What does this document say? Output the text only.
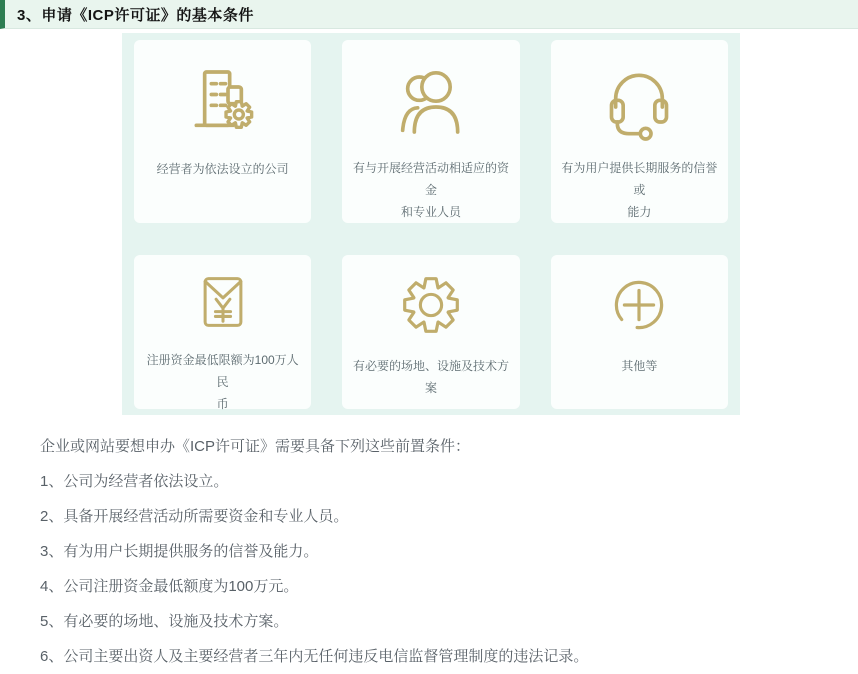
3、申请《ICP许可证》的基本条件
经营者为依法设立的公司	有与开展经营活动相适应的资金
和专业人员
有为用户提供长期服务的信誉或
能力
注册资金最低限额为100万人民
币
有必要的场地、设施及技术方案
其他等

企业或网站要想申办《ICP许可证》需要具备下列这些前置条件：

1、公司为经营者依法设立。

2、具备开展经营活动所需要资金和专业人员。

3、有为用户长期提供服务的信誉及能力。

4、公司注册资金最低额度为100万元。

5、有必要的场地、设施及技术方案。

6、公司主要出资人及主要经营者三年内无任何违反电信监督管理制度的违法记录。
